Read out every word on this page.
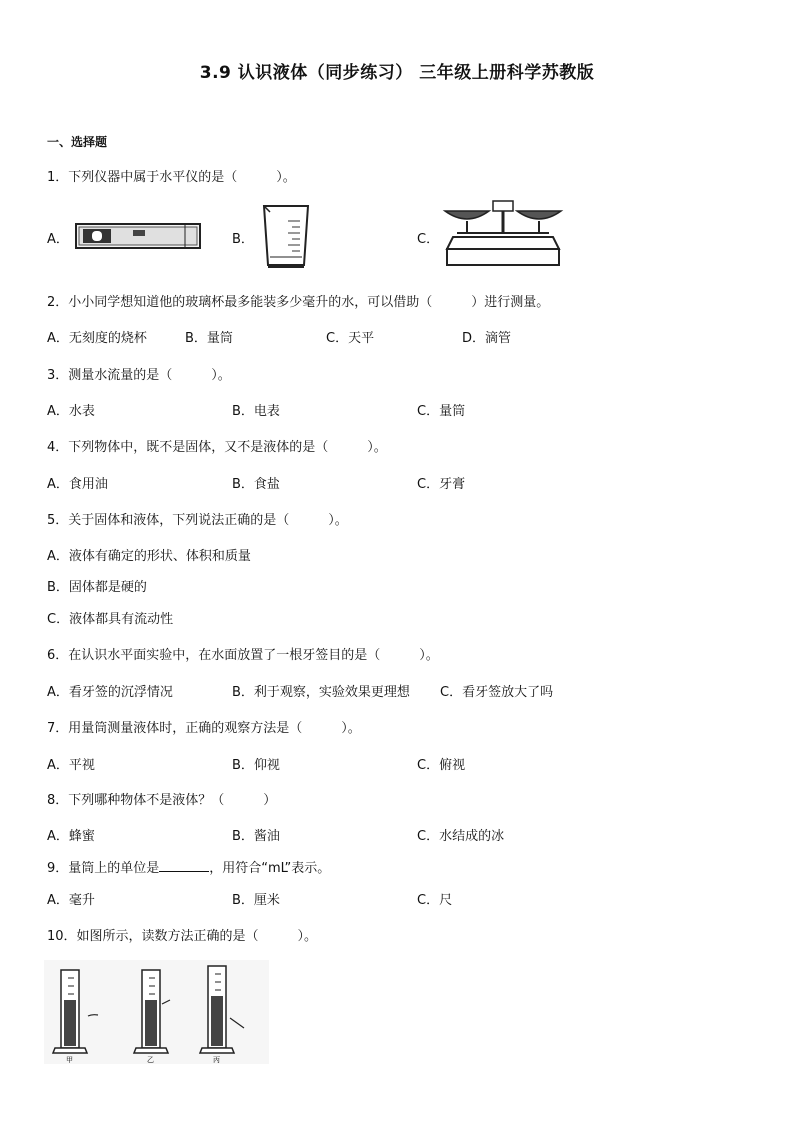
3.9 认识液体（同步练习） 三年级上册科学苏教版
一、选择题
1．下列仪器中属于水平仪的是（　　　）。
A．	B．	C．
2．小小同学想知道他的玻璃杯最多能装多少毫升的水，可以借助（　　　）进行测量。
A．无刻度的烧杯	B．量筒	C．天平	D．滴管
3．测量水流量的是（　　　）。
A．水表	B．电表	C．量筒
4．下列物体中，既不是固体，又不是液体的是（　　　）。
A．食用油	B．食盐	C．牙膏
5．关于固体和液体，下列说法正确的是（　　　）。
A．液体有确定的形状、体积和质量
B．固体都是硬的
C．液体都具有流动性
6．在认识水平面实验中，在水面放置了一根牙签目的是（　　　）。
A．看牙签的沉浮情况	B．利于观察，实验效果更理想 C．看牙签放大了吗
7．用量筒测量液体时，正确的观察方法是（　　　）。
A．平视	B．仰视	C．俯视
8．下列哪种物体不是液体？（　　　）
A．蜂蜜	B．酱油	C．水结成的冰
9．量筒上的单位是	，用符合“mL”表示。
A．毫升	B．厘米	C．尺
10．如图所示，读数方法正确的是（　　　）。
甲	乙	丙
